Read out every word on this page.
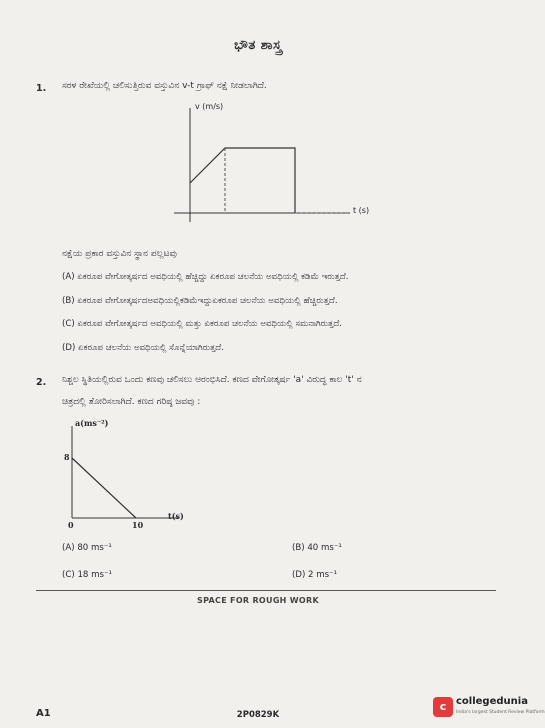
ಭೌತ ಶಾಸ್ತ್ರ
1. ಸರಳ ರೇಖೆಯಲ್ಲಿ ಚಲಿಸುತ್ತಿರುವ ವಸ್ತುವಿನ v-t ಗ್ರಾಫ್ ನಕ್ಷೆ ನೀಡಲಾಗಿದೆ.
v (m/s)
t (s)
ನಕ್ಷೆಯ ಪ್ರಕಾರ ವಸ್ತುವಿನ ಸ್ಥಾನ ಪಲ್ಲಟವು
(A) ಏಕರೂಪ ವೇಗೋತ್ಕರ್ಷದ ಅವಧಿಯಲ್ಲಿ ಹೆಚ್ಚಿದ್ದು ಏಕರೂಪ ಚಲನೆಯ ಅವಧಿಯಲ್ಲಿ ಕಡಿಮೆ ಇರುತ್ತದೆ.
(B) ಏಕರೂಪ ವೇಗೋತ್ಕರ್ಷದಅವಧಿಯಲ್ಲಿಕಡಿಮೆಇದ್ದುಏಕರೂಪ ಚಲನೆಯ ಅವಧಿಯಲ್ಲಿ ಹೆಚ್ಚಿರುತ್ತದೆ.
(C) ಏಕರೂಪ ವೇಗೋತ್ಕರ್ಷದ ಅವಧಿಯಲ್ಲಿ ಮತ್ತು ಏಕರೂಪ ಚಲನೆಯ ಅವಧಿಯಲ್ಲಿ ಸಮನಾಗಿರುತ್ತದೆ.
(D) ಏಕರೂಪ ಚಲನೆಯ ಅವಧಿಯಲ್ಲಿ ಸೊನ್ನೆಯಾಗಿರುತ್ತದೆ.
2. ನಿಶ್ಚಲ ಸ್ಥಿತಿಯಲ್ಲಿರುವ ಒಂದು ಕಣವು ಚಲಿಸಲು ಆರಂಭಿಸಿದೆ. ಕಣದ ವೇಗೋತ್ಕರ್ಷ 'a' ವಿರುದ್ಧ ಕಾಲ 't' ನ
ಚಿತ್ರದಲ್ಲಿ ತೋರಿಸಲಾಗಿದೆ. ಕಣದ ಗರಿಷ್ಠ ಜವವು :
a(ms⁻²)
8
0	10
t(s)
(A) 80 ms⁻¹	(B) 40 ms⁻¹
(C) 18 ms⁻¹	(D) 2 ms⁻¹
SPACE FOR ROUGH WORK
A1	2P0829K
c collegedunia
India's largest Student Review Platform
